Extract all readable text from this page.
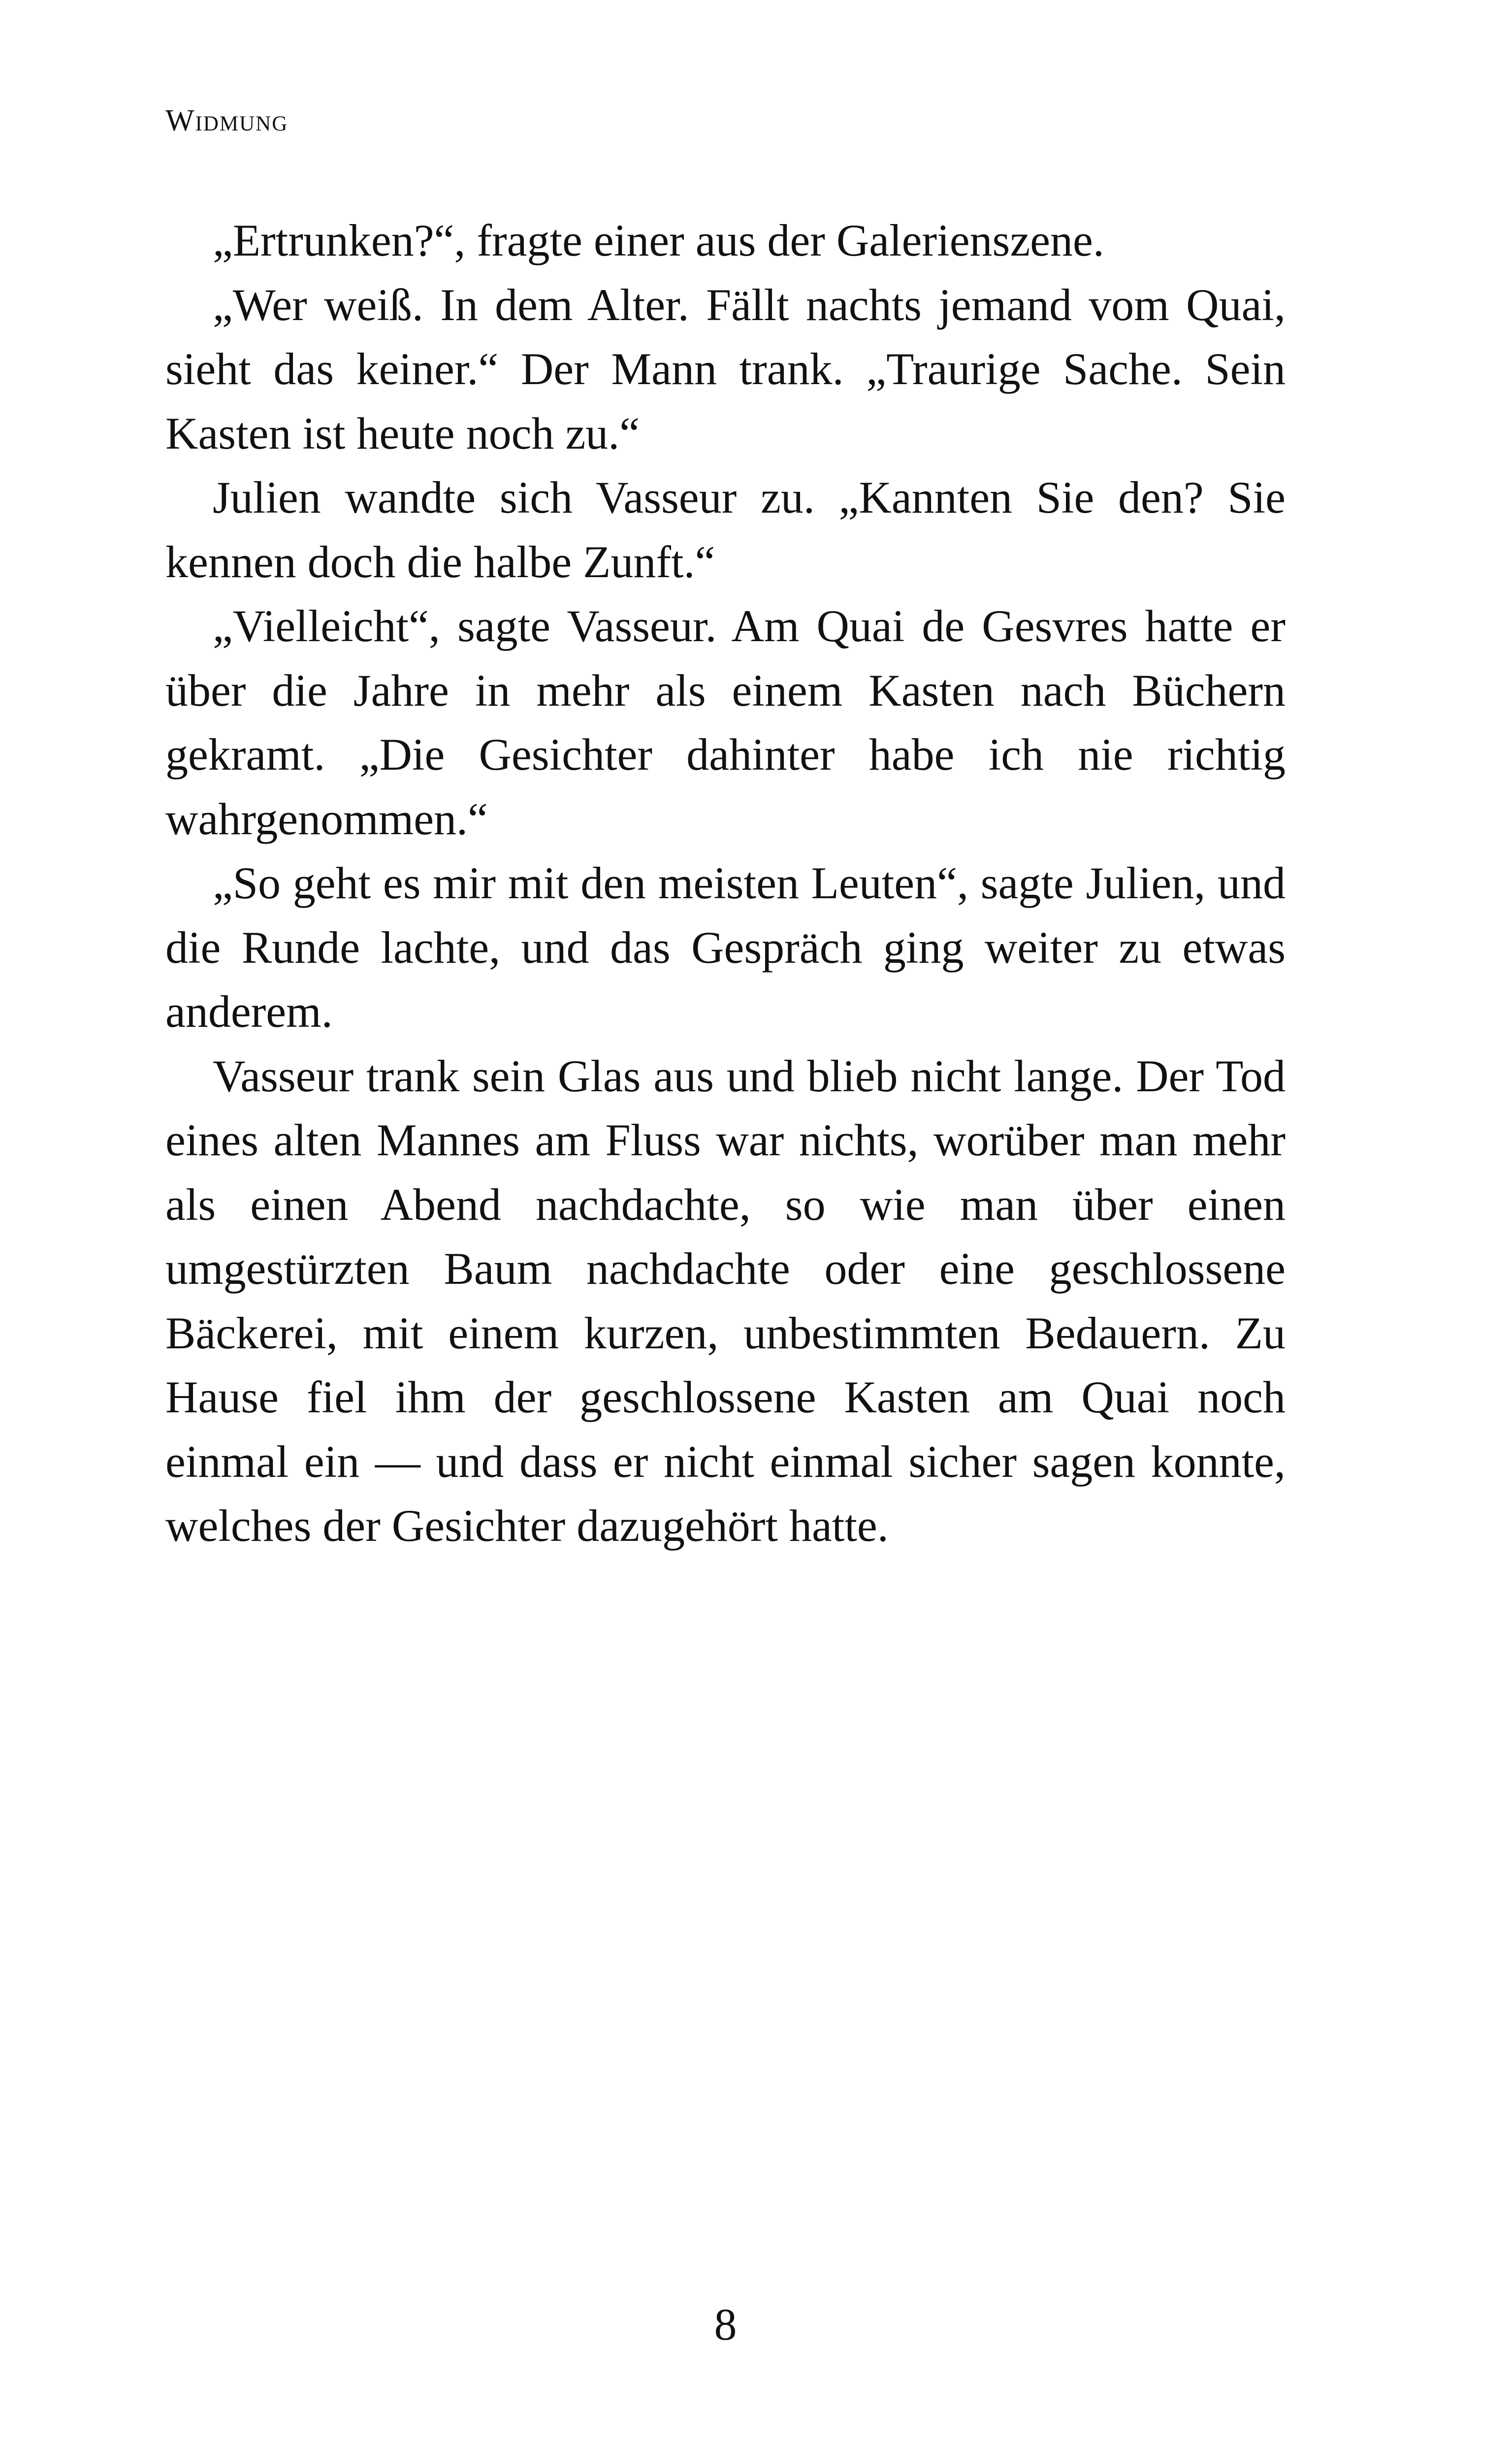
Widmung

„Ertrunken?“, fragte einer aus der Galerienszene.

„Wer weiß. In dem Alter. Fällt nachts jemand vom Quai, sieht das keiner.“ Der Mann trank. „Traurige Sache. Sein Kasten ist heute noch zu.“

Julien wandte sich Vasseur zu. „Kannten Sie den? Sie kennen doch die halbe Zunft.“

„Vielleicht“, sagte Vasseur. Am Quai de Gesvres hatte er über die Jahre in mehr als einem Kasten nach Büchern gekramt. „Die Gesichter dahinter habe ich nie richtig wahrgenommen.“

„So geht es mir mit den meisten Leuten“, sagte Julien, und die Runde lachte, und das Gespräch ging weiter zu etwas anderem.

Vasseur trank sein Glas aus und blieb nicht lange. Der Tod eines alten Mannes am Fluss war nichts, worüber man mehr als einen Abend nachdachte, so wie man über einen umgestürzten Baum nachdachte oder eine geschlossene Bäckerei, mit einem kurzen, unbestimmten Bedauern. Zu Hause fiel ihm der geschlossene Kasten am Quai noch einmal ein — und dass er nicht einmal sicher sagen konnte, welches der Gesichter dazugehört hatte.

8
